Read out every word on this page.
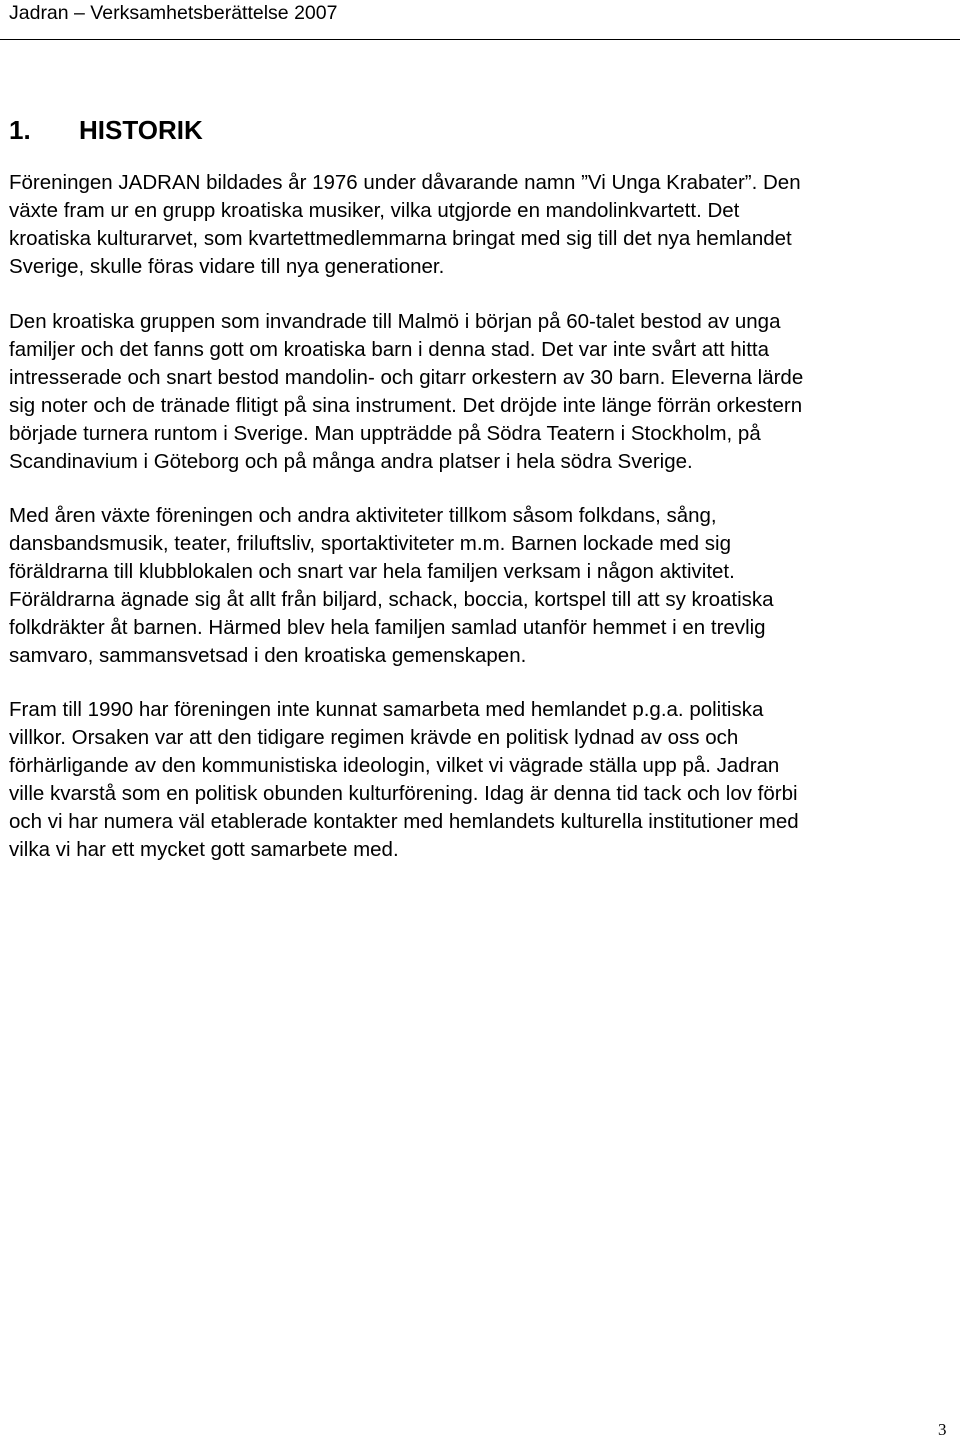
Jadran – Verksamhetsberättelse 2007
1. HISTORIK

Föreningen JADRAN bildades år 1976 under dåvarande namn ”Vi Unga Krabater”. Den
växte fram ur en grupp kroatiska musiker, vilka utgjorde en mandolinkvartett. Det
kroatiska kulturarvet, som kvartettmedlemmarna bringat med sig till det nya hemlandet
Sverige, skulle föras vidare till nya generationer.

Den kroatiska gruppen som invandrade till Malmö i början på 60-talet bestod av unga
familjer och det fanns gott om kroatiska barn i denna stad. Det var inte svårt att hitta
intresserade och snart bestod mandolin- och gitarr orkestern av 30 barn. Eleverna lärde
sig noter och de tränade flitigt på sina instrument. Det dröjde inte länge förrän orkestern
började turnera runtom i Sverige. Man uppträdde på Södra Teatern i Stockholm, på
Scandinavium i Göteborg och på många andra platser i hela södra Sverige.

Med åren växte föreningen och andra aktiviteter tillkom såsom folkdans, sång,
dansbandsmusik, teater, friluftsliv, sportaktiviteter m.m. Barnen lockade med sig
föräldrarna till klubblokalen och snart var hela familjen verksam i någon aktivitet.
Föräldrarna ägnade sig åt allt från biljard, schack, boccia, kortspel till att sy kroatiska
folkdräkter åt barnen. Härmed blev hela familjen samlad utanför hemmet i en trevlig
samvaro, sammansvetsad i den kroatiska gemenskapen.

Fram till 1990 har föreningen inte kunnat samarbeta med hemlandet p.g.a. politiska
villkor. Orsaken var att den tidigare regimen krävde en politisk lydnad av oss och
förhärligande av den kommunistiska ideologin, vilket vi vägrade ställa upp på. Jadran
ville kvarstå som en politisk obunden kulturförening. Idag är denna tid tack och lov förbi
och vi har numera väl etablerade kontakter med hemlandets kulturella institutioner med
vilka vi har ett mycket gott samarbete med.

3
